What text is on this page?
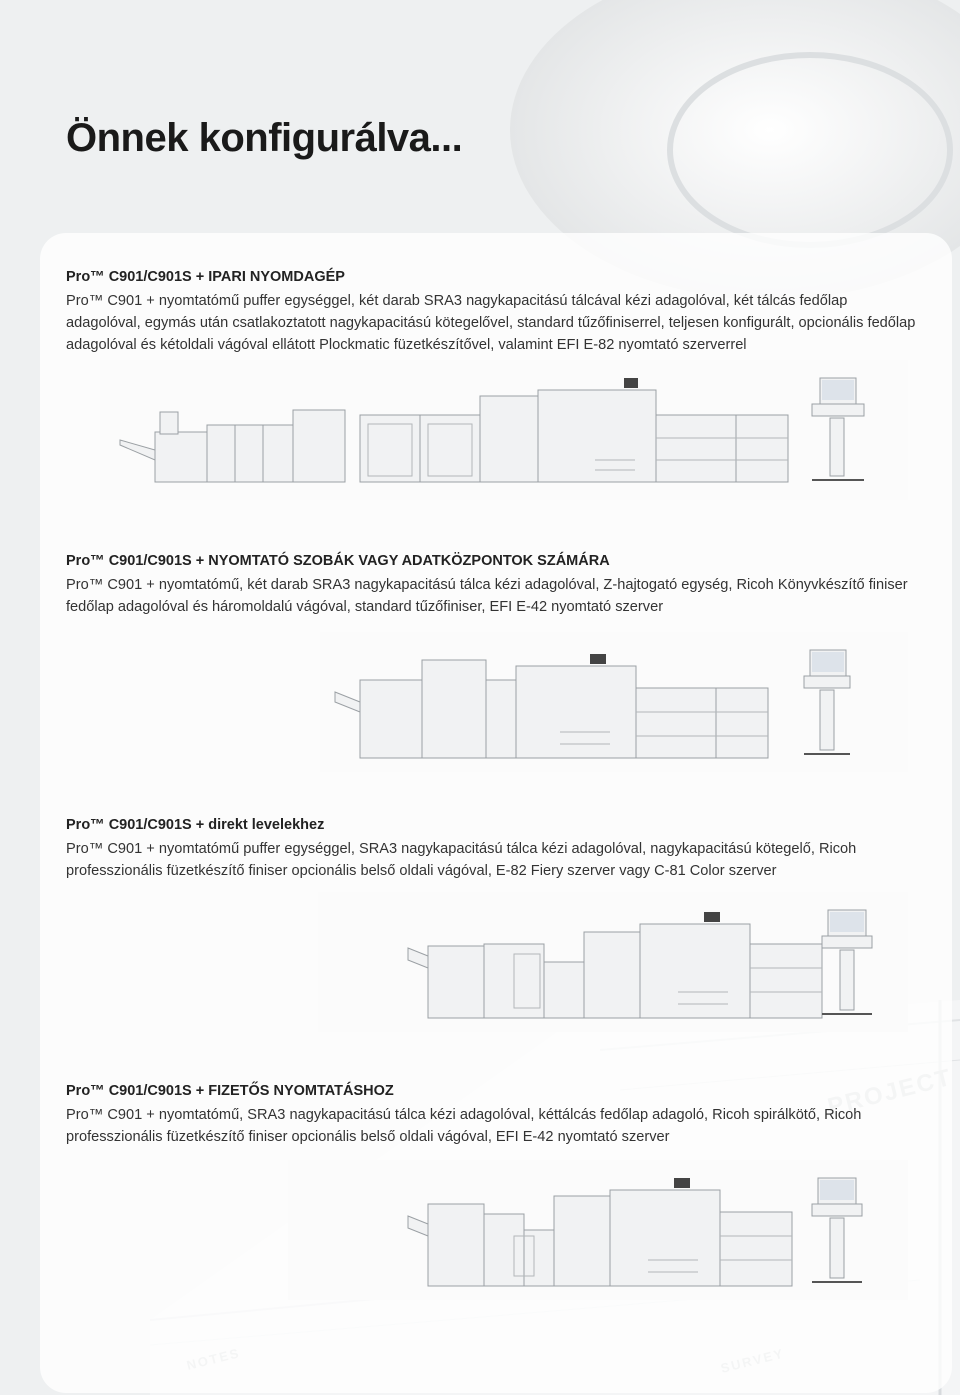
Önnek konfigurálva...
Pro™ C901/C901S + IPARI NYOMDAGÉP

Pro™ C901 + nyomtatómű puffer egységgel, két darab SRA3 nagykapacitású tálcával kézi adagolóval, két tálcás fedőlap adagolóval, egymás után csatlakoztatott nagykapacitású kötegelővel, standard tűzőfiniserrel, teljesen konfigurált, opcionális fedőlap adagolóval és kétoldali vágóval ellátott Plockmatic füzetkészítővel, valamint EFI E-82 nyomtató szerverrel

Pro™ C901/C901S + NYOMTATÓ SZOBÁK VAGY ADATKÖZPONTOK SZÁMÁRA

Pro™ C901 + nyomtatómű, két darab SRA3 nagykapacitású tálca kézi adagolóval, Z-hajtogató egység, Ricoh Könyvkészítő finiser fedőlap adagolóval és háromoldalú vágóval, standard tűzőfiniser, EFI E-42 nyomtató szerver

Pro™ C901/C901S + direkt levelekhez

Pro™ C901 + nyomtatómű puffer egységgel, SRA3 nagykapacitású tálca kézi adagolóval, nagykapacitású kötegelő, Ricoh professzionális füzetkészítő finiser opcionális belső oldali vágóval, E-82 Fiery szerver vagy C-81 Color szerver

Pro™ C901/C901S + FIZETŐS NYOMTATÁSHOZ

Pro™ C901 + nyomtatómű, SRA3 nagykapacitású tálca kézi adagolóval, kéttálcás fedőlap adagoló, Ricoh spirálkötő, Ricoh professzionális füzetkészítő finiser opcionális belső oldali vágóval, EFI E-42 nyomtató szerver
